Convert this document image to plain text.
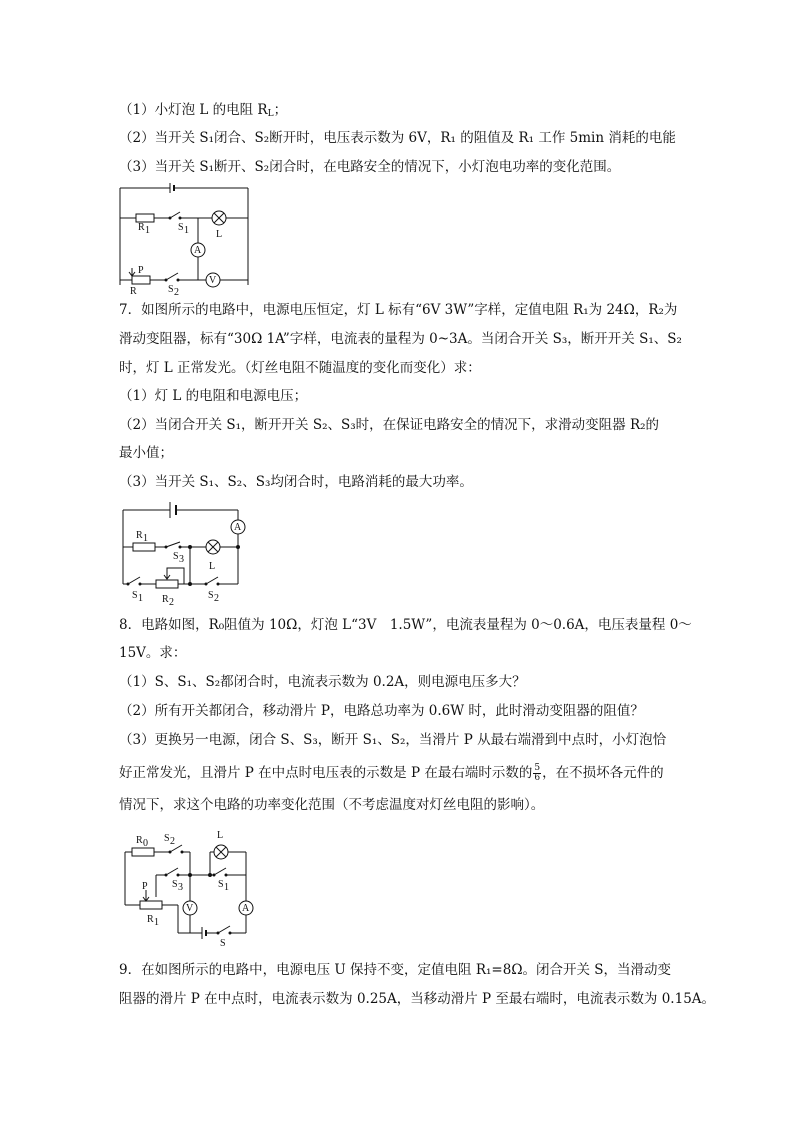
（1）小灯泡 L 的电阻 $R_L$；
（2）当开关 S₁闭合、S₂断开时，电压表示数为 6V，R₁ 的阻值及 R₁ 工作 5min 消耗的电能
（3）当开关 S₁断开、S₂闭合时，在电路安全的情况下，小灯泡电功率的变化范围。
R 1	S 1	L
A
V
P
R	S 2
7．如图所示的电路中，电源电压恒定，灯 L 标有“6V 3W”字样，定值电阻 R₁为 24Ω，R₂为
滑动变阻器，标有“30Ω 1A”字样，电流表的量程为 0~3A。当闭合开关 S₃，断开开关 S₁、S₂
时，灯 L 正常发光。（灯丝电阻不随温度的变化而变化）求：
（1）灯 L 的电阻和电源电压；
（2）当闭合开关 S₁，断开开关 S₂、S₃时，在保证电路安全的情况下，求滑动变阻器 R₂的
最小值；
（3）当开关 S₁、S₂、S₃均闭合时，电路消耗的最大功率。
R 1
S 3
L
A
S 1 R 2
S 2
8．电路如图，R₀阻值为 10Ω，灯泡 L“3V　1.5W”，电流表量程为 0～0.6A，电压表量程 0～
15V。求：
（1）S、S₁、S₂都闭合时，电流表示数为 0.2A，则电源电压多大？
（2）所有开关都闭合，移动滑片 P，电路总功率为 0.6W 时，此时滑动变阻器的阻值？
（3）更换另一电源，闭合 S、S₃，断开 S₁、S₂，当滑片 P 从最右端滑到中点时，小灯泡恰
好正常发光，且滑片 P 在中点时电压表的示数是 P 在最右端时示数的 $\frac{5}{6}$ ，在不损坏各元件的
情况下，求这个电路的功率变化范围（不考虑温度对灯丝电阻的影响）。
R 0 S 2
L
S 3	S 1
P
R 1
V	A
S
9．在如图所示的电路中，电源电压 U 保持不变，定值电阻 R₁=8Ω。闭合开关 S，当滑动变
阻器的滑片 P 在中点时，电流表示数为 0.25A，当移动滑片 P 至最右端时，电流表示数为 0.15A。
